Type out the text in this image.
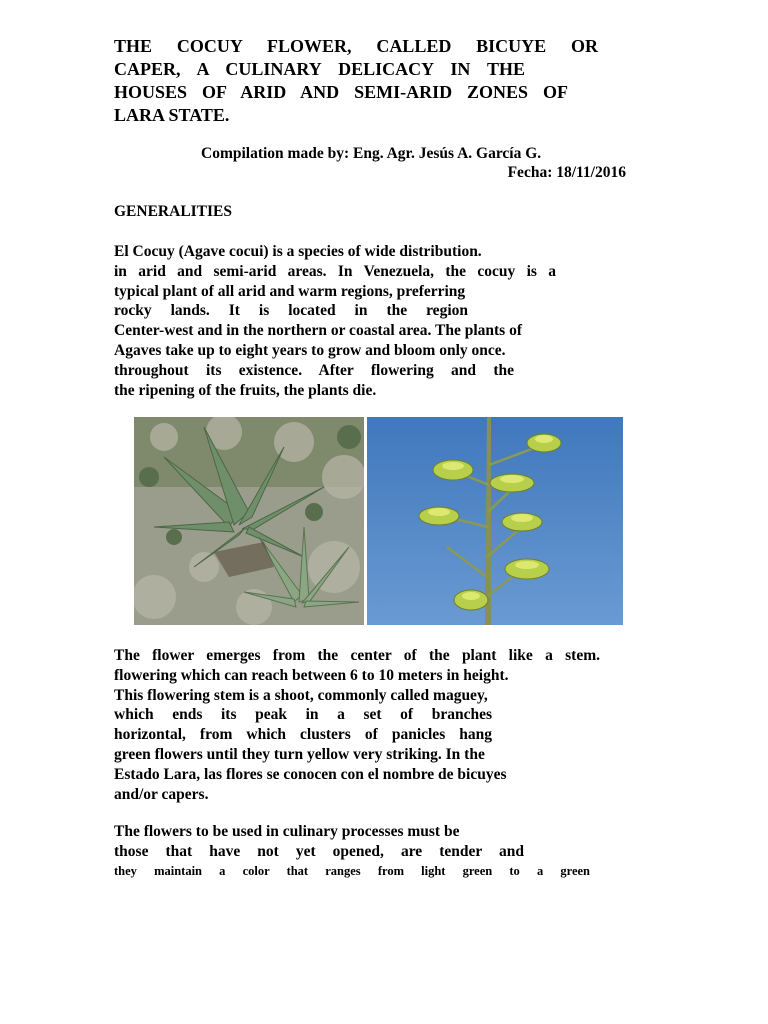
THE COCUY FLOWER, CALLED BICUYE OR
CAPER, A CULINARY DELICACY IN THE
HOUSES OF ARID AND SEMI-ARID ZONES OF
LARA STATE.

Compilation made by: Eng. Agr. Jesús A. García G.

Fecha: 18/11/2016

GENERALITIES

El Cocuy (Agave cocui) is a species of wide distribution.
in arid and semi-arid areas. In Venezuela, the cocuy is a
typical plant of all arid and warm regions, preferring
rocky lands. It is located in the region
Center-west and in the northern or coastal area. The plants of
Agaves take up to eight years to grow and bloom only once.
throughout its existence. After flowering and the
the ripening of the fruits, the plants die.
The flower emerges from the center of the plant like a stem.
flowering which can reach between 6 to 10 meters in height.
This flowering stem is a shoot, commonly called maguey,
which ends its peak in a set of branches
horizontal, from which clusters of panicles hang
green flowers until they turn yellow very striking. In the
Estado Lara, las flores se conocen con el nombre de bicuyes
and/or capers.
The flowers to be used in culinary processes must be
those that have not yet opened, are tender and
they maintain a color that ranges from light green to a green
